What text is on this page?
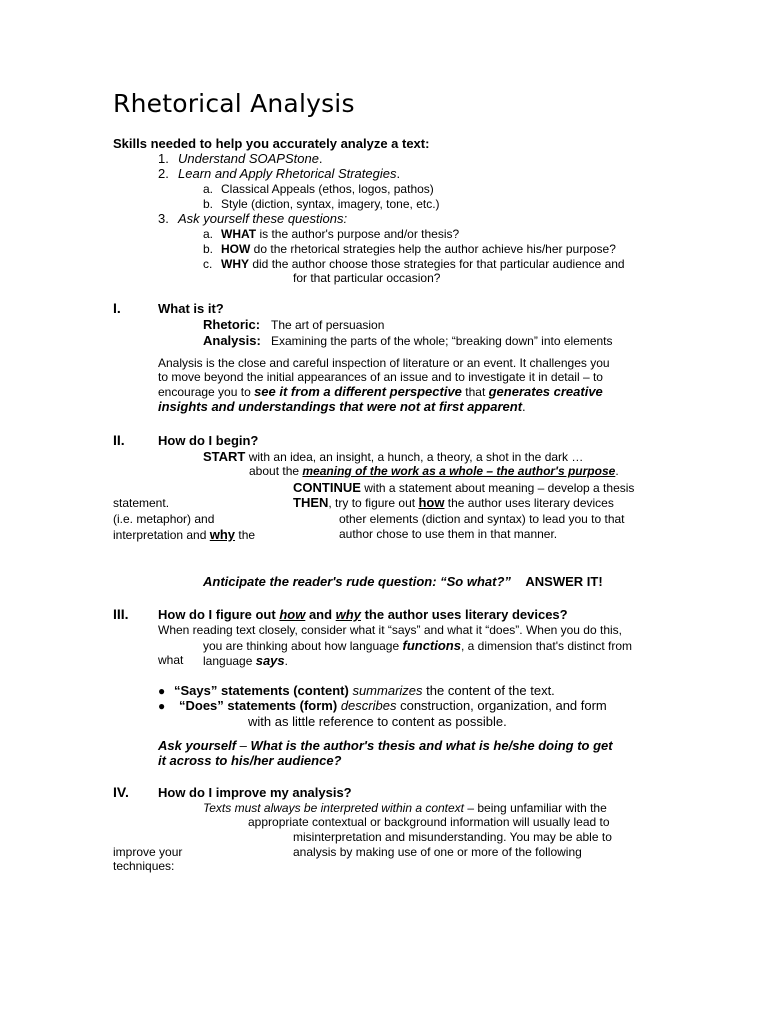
Rhetorical Analysis
Skills needed to help you accurately analyze a text:
1. Understand SOAPStone.
2. Learn and Apply Rhetorical Strategies.
a. Classical Appeals (ethos, logos, pathos)
b. Style (diction, syntax, imagery, tone, etc.)
3. Ask yourself these questions:
a. WHAT is the author's purpose and/or thesis?
b. HOW do the rhetorical strategies help the author achieve his/her purpose?
c. WHY did the author choose those strategies for that particular audience and
for that particular occasion?
I.	What is it?
Rhetoric: The art of persuasion
Analysis: Examining the parts of the whole; “breaking down” into elements
Analysis is the close and careful inspection of literature or an event. It challenges you
to move beyond the initial appearances of an issue and to investigate it in detail – to
encourage you to see it from a different perspective that generates creative
insights and understandings that were not at first apparent.
II.	How do I begin?
START with an idea, an insight, a hunch, a theory, a shot in the dark …
about the meaning of the work as a whole – the author's purpose.
CONTINUE with a statement about meaning – develop a thesis
statement.	THEN, try to figure out how the author uses literary devices
(i.e. metaphor) and	other elements (diction and syntax) to lead you to that
interpretation and why the	author chose to use them in that manner.
Anticipate the reader's rude question: “So what?” ANSWER IT!
III. How do I figure out how and why the author uses literary devices?
When reading text closely, consider what it “says” and what it “does”. When you do this,
you are thinking about how language functions, a dimension that's distinct from
what language says.
● “Says” statements (content) summarizes the content of the text.
● “Does” statements (form) describes construction, organization, and form
with as little reference to content as possible.
Ask yourself – What is the author's thesis and what is he/she doing to get
it across to his/her audience?
IV. How do I improve my analysis?
Texts must always be interpreted within a context – being unfamiliar with the
appropriate contextual or background information will usually lead to
misinterpretation and misunderstanding. You may be able to
improve your	analysis by making use of one or more of the following
techniques:
